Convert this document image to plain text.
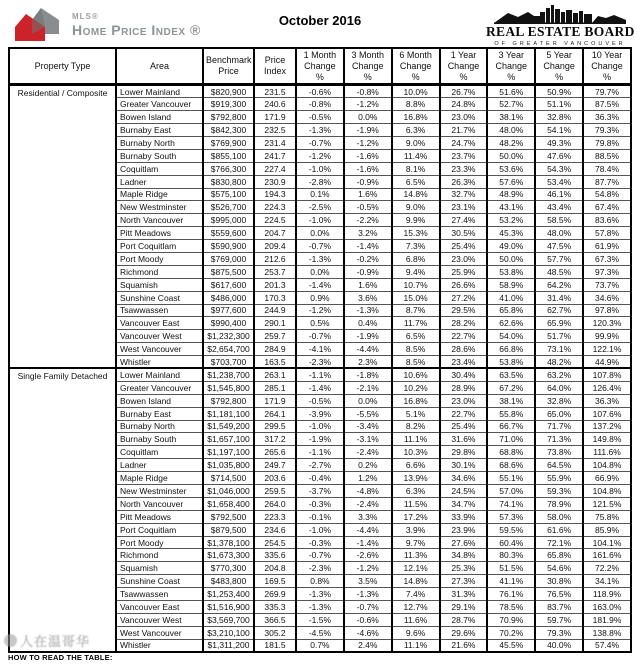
MLS®
Home Price Index ®
October 2016
REAL ESTATE BOARD
OF GREATER VANCOUVER
Property Type	Area	Benchmark Price	Price Index	1 Month Change %	3 Month Change %	6 Month Change %	1 Year Change %	3 Year Change %	5 Year Change %	10 Year Change %
Residential / Composite	Lower Mainland	$820,900	231.5	-0.6%	-0.8%	10.0%	26.7%	51.6%	50.9%	79.7%
	Greater Vancouver	$919,300	240.6	-0.8%	-1.2%	8.8%	24.8%	52.7%	51.1%	87.5%
	Bowen Island	$792,800	171.9	-0.5%	0.0%	16.8%	23.0%	38.1%	32.8%	36.3%
	Burnaby East	$842,300	232.5	-1.3%	-1.9%	6.3%	21.7%	48.0%	54.1%	79.3%
	Burnaby North	$769,900	231.4	-0.7%	-1.2%	9.0%	24.7%	48.2%	49.3%	79.8%
	Burnaby South	$855,100	241.7	-1.2%	-1.6%	11.4%	23.7%	50.0%	47.6%	88.5%
	Coquitlam	$766,300	227.4	-1.0%	-1.6%	8.1%	23.3%	53.6%	54.3%	78.4%
	Ladner	$830,800	230.9	-2.8%	-0.9%	6.5%	26.3%	57.6%	53.4%	87.7%
	Maple Ridge	$575,100	194.3	0.1%	1.6%	14.8%	32.7%	48.9%	46.1%	54.8%
	New Westminster	$526,700	224.3	-2.5%	-0.5%	9.0%	23.1%	43.1%	43.4%	67.4%
	North Vancouver	$995,000	224.5	-1.0%	-2.2%	9.9%	27.4%	53.2%	58.5%	83.6%
	Pitt Meadows	$559,600	204.7	0.0%	3.2%	15.3%	30.5%	45.3%	48.0%	57.8%
	Port Coquitlam	$590,900	209.4	-0.7%	-1.4%	7.3%	25.4%	49.0%	47.5%	61.9%
	Port Moody	$769,000	212.6	-1.3%	-0.2%	6.8%	23.0%	50.0%	57.7%	67.3%
	Richmond	$875,500	253.7	0.0%	-0.9%	9.4%	25.9%	53.8%	48.5%	97.3%
	Squamish	$617,600	201.3	-1.4%	1.6%	10.7%	26.6%	58.9%	64.2%	73.7%
	Sunshine Coast	$486,000	170.3	0.9%	3.6%	15.0%	27.2%	41.0%	31.4%	34.6%
	Tsawwassen	$977,600	244.9	-1.2%	-1.3%	8.7%	29.5%	65.8%	62.7%	97.8%
	Vancouver East	$990,400	290.1	0.5%	0.4%	11.7%	28.2%	62.6%	65.9%	120.3%
	Vancouver West	$1,232,300	259.7	-0.7%	-1.9%	6.5%	22.7%	54.0%	51.7%	99.9%
	West Vancouver	$2,654,700	284.9	-4.1%	-4.4%	8.5%	28.6%	66.8%	73.1%	122.1%
	Whistler	$703,700	163.5	-2.3%	2.3%	8.5%	23.4%	53.8%	48.2%	44.9%
Single Family Detached	Lower Mainland	$1,238,700	263.1	-1.1%	-1.8%	10.6%	30.4%	63.5%	63.2%	107.8%
	Greater Vancouver	$1,545,800	285.1	-1.4%	-2.1%	10.2%	28.9%	67.2%	64.0%	126.4%
	Bowen Island	$792,800	171.9	-0.5%	0.0%	16.8%	23.0%	38.1%	32.8%	36.3%
	Burnaby East	$1,181,100	264.1	-3.9%	-5.5%	5.1%	22.7%	55.8%	65.0%	107.6%
	Burnaby North	$1,549,200	299.5	-1.0%	-3.4%	8.2%	25.4%	66.7%	71.7%	137.2%
	Burnaby South	$1,657,100	317.2	-1.9%	-3.1%	11.1%	31.6%	71.0%	71.3%	149.8%
	Coquitlam	$1,197,100	265.6	-1.1%	-2.4%	10.3%	29.8%	68.8%	73.8%	111.6%
	Ladner	$1,035,800	249.7	-2.7%	0.2%	6.6%	30.1%	68.6%	64.5%	104.8%
	Maple Ridge	$714,500	203.6	-0.4%	1.2%	13.9%	34.6%	55.1%	55.9%	66.9%
	New Westminster	$1,046,000	259.5	-3.7%	-4.8%	6.3%	24.5%	57.0%	59.3%	104.8%
	North Vancouver	$1,658,400	264.0	-0.3%	-2.4%	11.5%	34.7%	74.1%	78.9%	121.5%
	Pitt Meadows	$792,500	223.3	-0.1%	3.3%	17.2%	33.9%	57.3%	58.0%	75.8%
	Port Coquitlam	$879,500	234.6	-1.0%	-4.4%	3.9%	23.9%	59.5%	61.6%	85.9%
	Port Moody	$1,378,100	254.5	-0.3%	-1.4%	9.7%	27.6%	60.4%	72.1%	104.1%
	Richmond	$1,673,300	335.6	-0.7%	-2.6%	11.3%	34.8%	80.3%	65.8%	161.6%
	Squamish	$770,300	204.8	-2.3%	-1.2%	12.1%	25.3%	51.5%	54.6%	72.2%
	Sunshine Coast	$483,800	169.5	0.8%	3.5%	14.8%	27.3%	41.1%	30.8%	34.1%
	Tsawwassen	$1,253,400	269.9	-1.3%	-1.3%	7.4%	31.3%	76.1%	76.5%	118.9%
	Vancouver East	$1,516,900	335.3	-1.3%	-0.7%	12.7%	29.1%	78.5%	83.7%	163.0%
	Vancouver West	$3,569,700	366.5	-1.5%	-0.6%	11.6%	28.7%	70.9%	59.7%	181.9%
	West Vancouver	$3,210,100	305.2	-4.5%	-4.6%	9.6%	29.6%	70.2%	79.3%	138.8%
	Whistler	$1,311,200	181.5	0.7%	2.4%	11.1%	21.6%	45.5%	40.0%	57.4%
人在温哥华
HOW TO READ THE TABLE:
